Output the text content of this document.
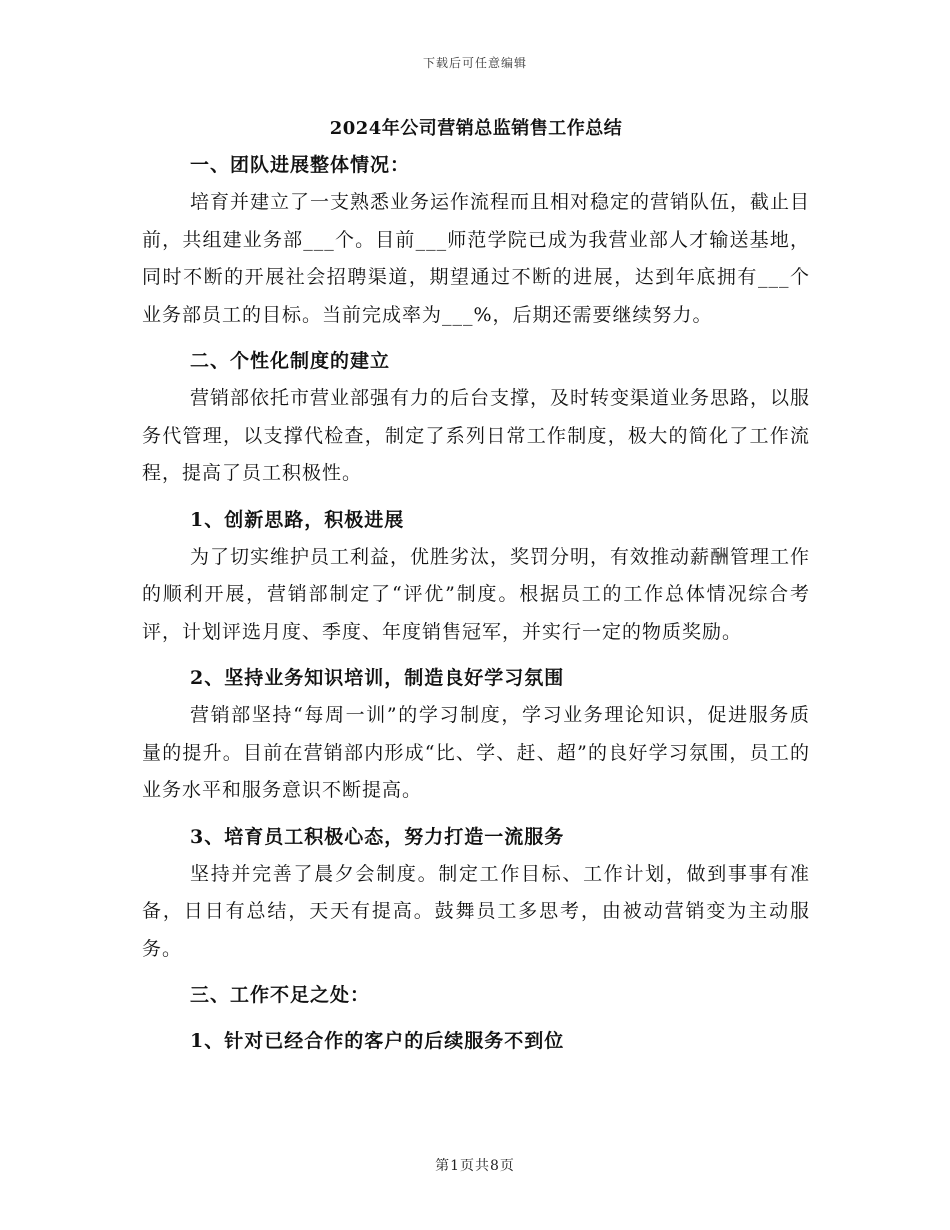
下载后可任意编辑
2024年公司营销总监销售工作总结
一、团队进展整体情况：

培育并建立了一支熟悉业务运作流程而且相对稳定的营销队伍，截止目前，共组建业务部___个。目前___师范学院已成为我营业部人才输送基地，同时不断的开展社会招聘渠道，期望通过不断的进展，达到年底拥有___个业务部员工的目标。当前完成率为___%，后期还需要继续努力。

二、个性化制度的建立

营销部依托市营业部强有力的后台支撑，及时转变渠道业务思路，以服务代管理，以支撑代检查，制定了系列日常工作制度，极大的简化了工作流程，提高了员工积极性。

1、创新思路，积极进展

为了切实维护员工利益，优胜劣汰，奖罚分明，有效推动薪酬管理工作的顺利开展，营销部制定了“评优”制度。根据员工的工作总体情况综合考评，计划评选月度、季度、年度销售冠军，并实行一定的物质奖励。

2、坚持业务知识培训，制造良好学习氛围

营销部坚持“每周一训”的学习制度，学习业务理论知识，促进服务质量的提升。目前在营销部内形成“比、学、赶、超”的良好学习氛围，员工的业务水平和服务意识不断提高。

3、培育员工积极心态，努力打造一流服务

坚持并完善了晨夕会制度。制定工作目标、工作计划，做到事事有准备，日日有总结，天天有提高。鼓舞员工多思考，由被动营销变为主动服务。

三、工作不足之处：
1、针对已经合作的客户的后续服务不到位
第1页共8页
